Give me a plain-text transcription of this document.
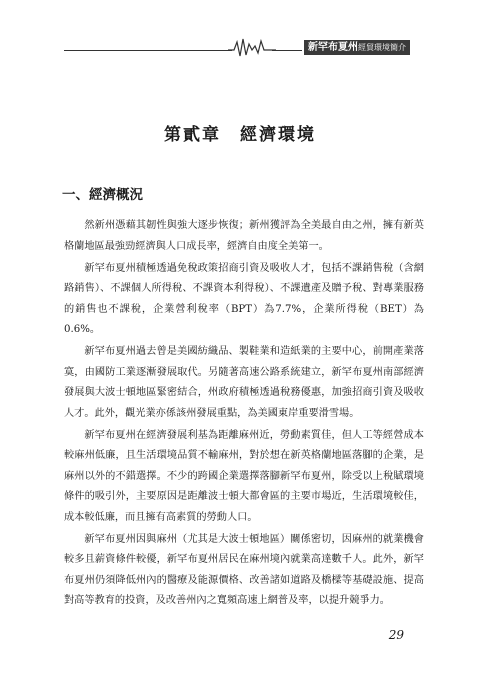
新罕布夏州經貿環境簡介
第貳章　經濟環境
一、經濟概況

然新州憑藉其韌性與強大逐步恢復；新州獲評為全美最自由之州，擁有新英格蘭地區最強勁經濟與人口成長率，經濟自由度全美第一。

新罕布夏州積極透過免稅政策招商引資及吸收人才，包括不課銷售稅（含網路銷售）、不課個人所得稅、不課資本利得稅）、不課遺產及贈予稅、對專業服務的銷售也不課稅，企業營利稅率（BPT）為7.7%，企業所得稅（BET）為0.6%。

新罕布夏州過去曾是美國紡織品、製鞋業和造紙業的主要中心，前開產業落寞，由國防工業逐漸發展取代。另隨著高速公路系統建立，新罕布夏州南部經濟發展與大波士頓地區緊密結合，州政府積極透過稅務優惠，加強招商引資及吸收人才。此外，觀光業亦係該州發展重點，為美國東岸重要滑雪場。

新罕布夏州在經濟發展利基為距離麻州近，勞動素質佳，但人工等經營成本較麻州低廉，且生活環境品質不輸麻州，對於想在新英格蘭地區落腳的企業，是麻州以外的不錯選擇。不少的跨國企業選擇落腳新罕布夏州，除受以上稅賦環境條件的吸引外，主要原因是距離波士頓大都會區的主要市場近，生活環境較佳，成本較低廉，而且擁有高素質的勞動人口。

新罕布夏州因與麻州（尤其是大波士頓地區）關係密切，因麻州的就業機會較多且薪資條件較優，新罕布夏州居民在麻州境內就業高達數千人。此外，新罕布夏州仍須降低州內的醫療及能源價格、改善諸如道路及橋樑等基礎設施、提高對高等教育的投資，及改善州內之寬頻高速上網普及率，以提升競爭力。

29
